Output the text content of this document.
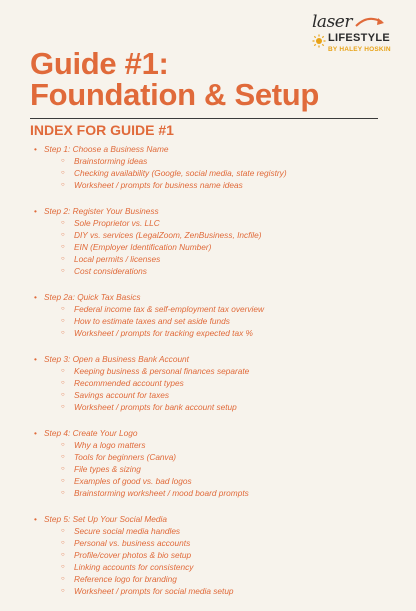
laser
LIFESTYLE
BY HALEY HOSKIN
Guide #1:
Foundation & Setup
INDEX FOR GUIDE #1
• Step 1: Choose a Business Name
○ Brainstorming ideas
○ Checking availability (Google, social media, state registry)
○ Worksheet / prompts for business name ideas
• Step 2: Register Your Business
○ Sole Proprietor vs. LLC
○ DIY vs. services (LegalZoom, ZenBusiness, Incfile)
○ EIN (Employer Identification Number)
○ Local permits / licenses
○ Cost considerations
• Step 2a: Quick Tax Basics
○ Federal income tax & self-employment tax overview
○ How to estimate taxes and set aside funds
○ Worksheet / prompts for tracking expected tax %
• Step 3: Open a Business Bank Account
○ Keeping business & personal finances separate
○ Recommended account types
○ Savings account for taxes
○ Worksheet / prompts for bank account setup
• Step 4: Create Your Logo
○ Why a logo matters
○ Tools for beginners (Canva)
○ File types & sizing
○ Examples of good vs. bad logos
○ Brainstorming worksheet / mood board prompts
• Step 5: Set Up Your Social Media
○ Secure social media handles
○ Personal vs. business accounts
○ Profile/cover photos & bio setup
○ Linking accounts for consistency
○ Reference logo for branding
○ Worksheet / prompts for social media setup
